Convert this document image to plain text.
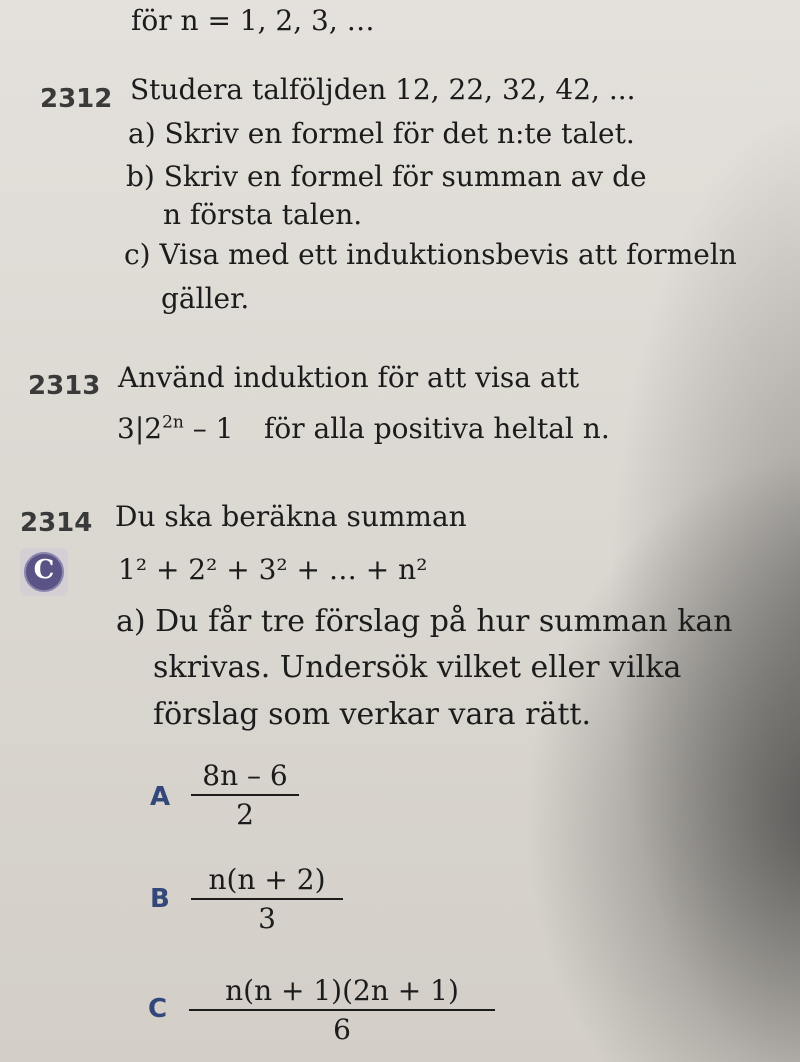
för n = 1, 2, 3, …
2312 Studera talföljden 12, 22, 32, 42, ...
a) Skriv en formel för det n:te talet.
b) Skriv en formel för summan av de
n första talen.
c) Visa med ett induktionsbevis att formeln
gäller.
2313 Använd induktion för att visa att
$3|2^{2n} - 1$ för alla positiva heltal n.
2314 Du ska beräkna summan
C	1² + 2² + 3² + … + n²
a) Du får tre förslag på hur summan kan
skrivas. Undersök vilket eller vilka
förslag som verkar vara rätt.
A
8n – 6
2
B
n(n + 2)
3
C
n(n + 1)(2n + 1)
6
